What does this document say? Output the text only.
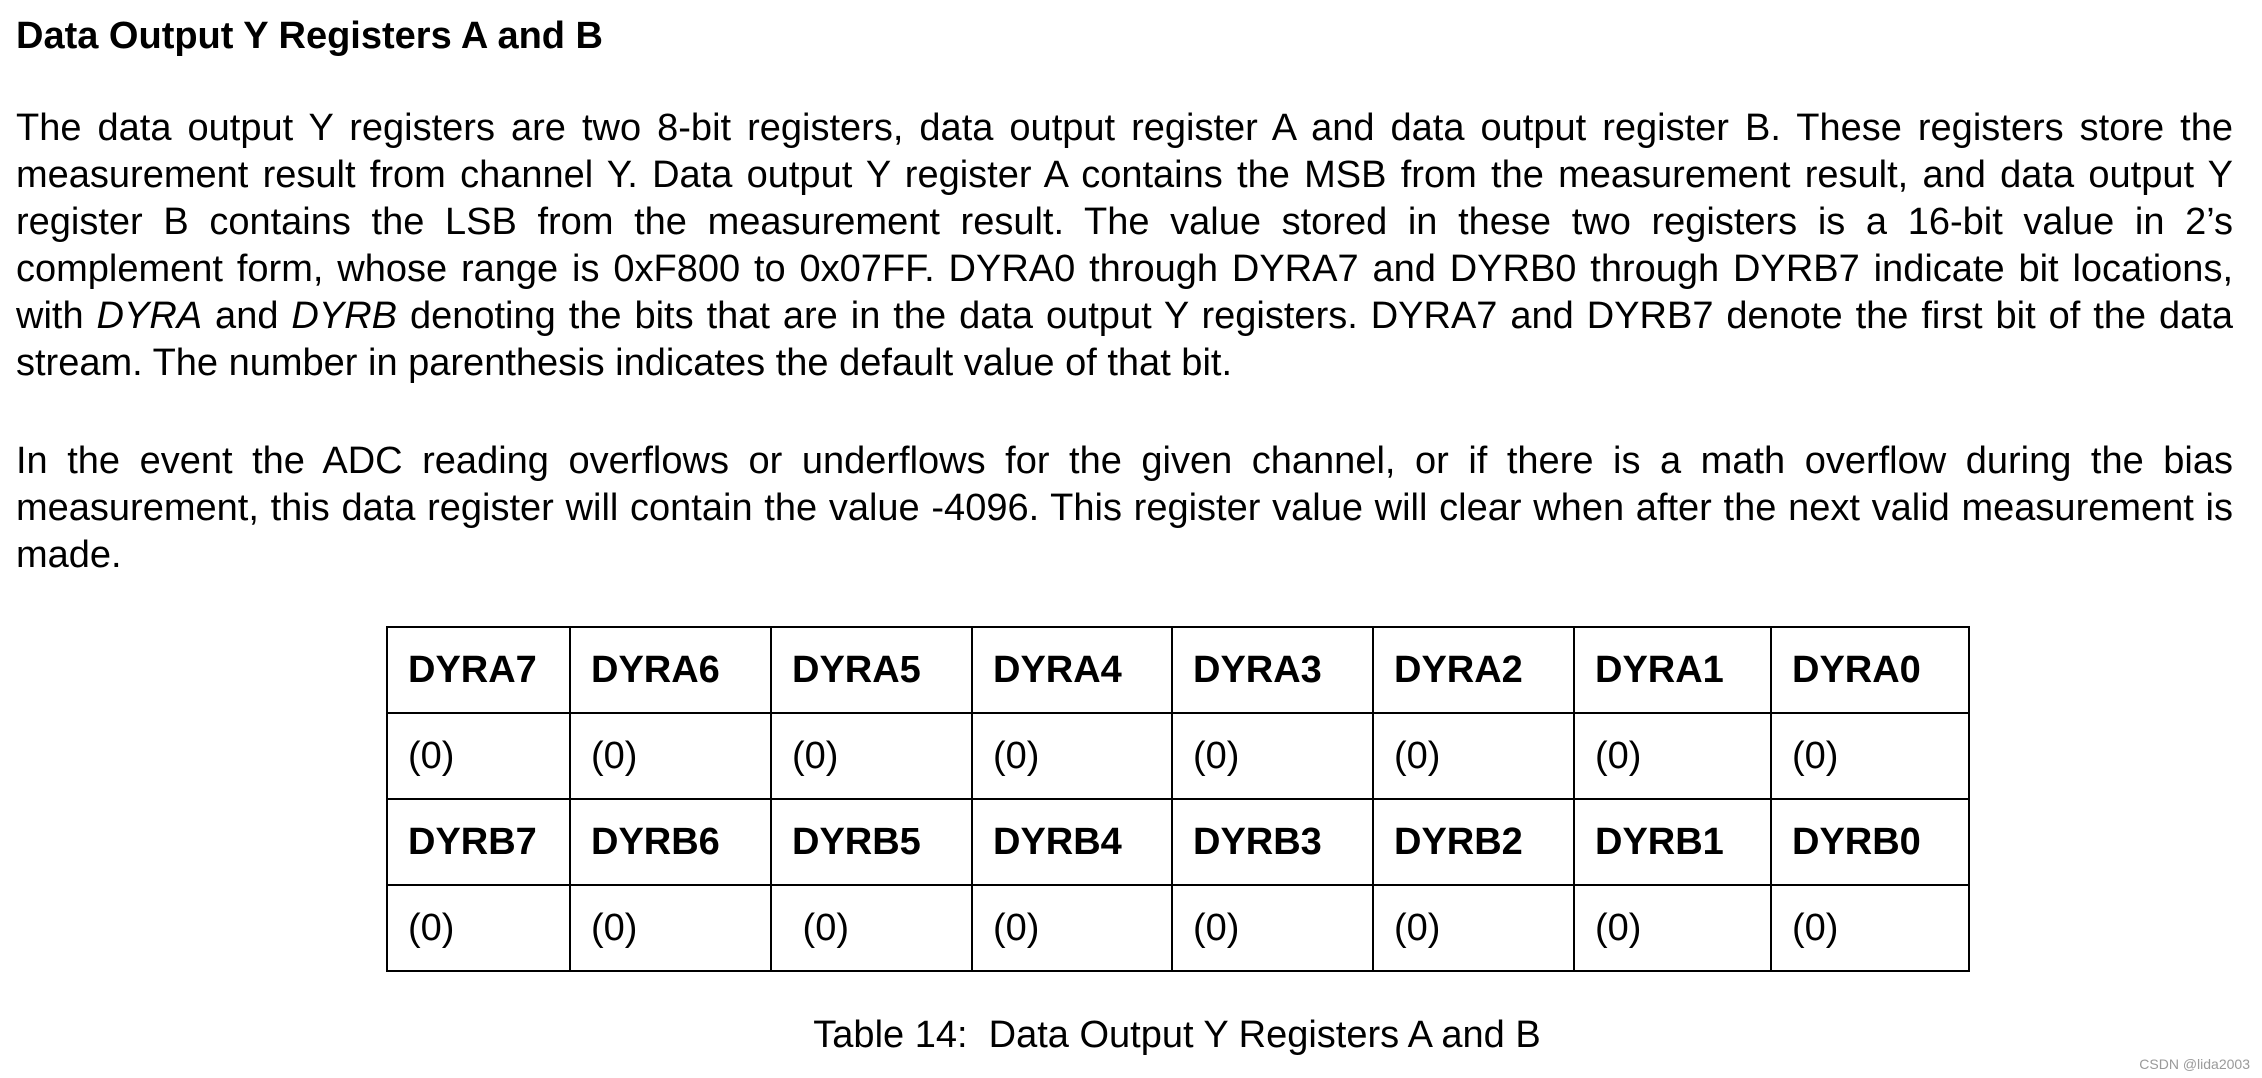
Data Output Y Registers A and B

The data output Y registers are two 8-bit registers, data output register A and data output register B. These registers store the measurement result from channel Y. Data output Y register A contains the MSB from the measurement result, and data output Y register B contains the LSB from the measurement result. The value stored in these two registers is a 16-bit value in 2’s complement form, whose range is 0xF800 to 0x07FF. DYRA0 through DYRA7 and DYRB0 through DYRB7 indicate bit locations, with DYRA and DYRB denoting the bits that are in the data output Y registers. DYRA7 and DYRB7 denote the first bit of the data stream. The number in parenthesis indicates the default value of that bit.

In the event the ADC reading overflows or underflows for the given channel, or if there is a math overflow during the bias measurement, this data register will contain the value -4096. This register value will clear when after the next valid measurement is made.

DYRA7	DYRA6	DYRA5	DYRA4	DYRA3	DYRA2	DYRA1	DYRA0
(0)	(0)	(0)	(0)	(0)	(0)	(0)	(0)
DYRB7	DYRB6	DYRB5	DYRB4	DYRB3	DYRB2	DYRB1	DYRB0
(0)	(0)	(0)	(0)	(0)	(0)	(0)	(0)

Table 14:  Data Output Y Registers A and B

CSDN @lida2003
